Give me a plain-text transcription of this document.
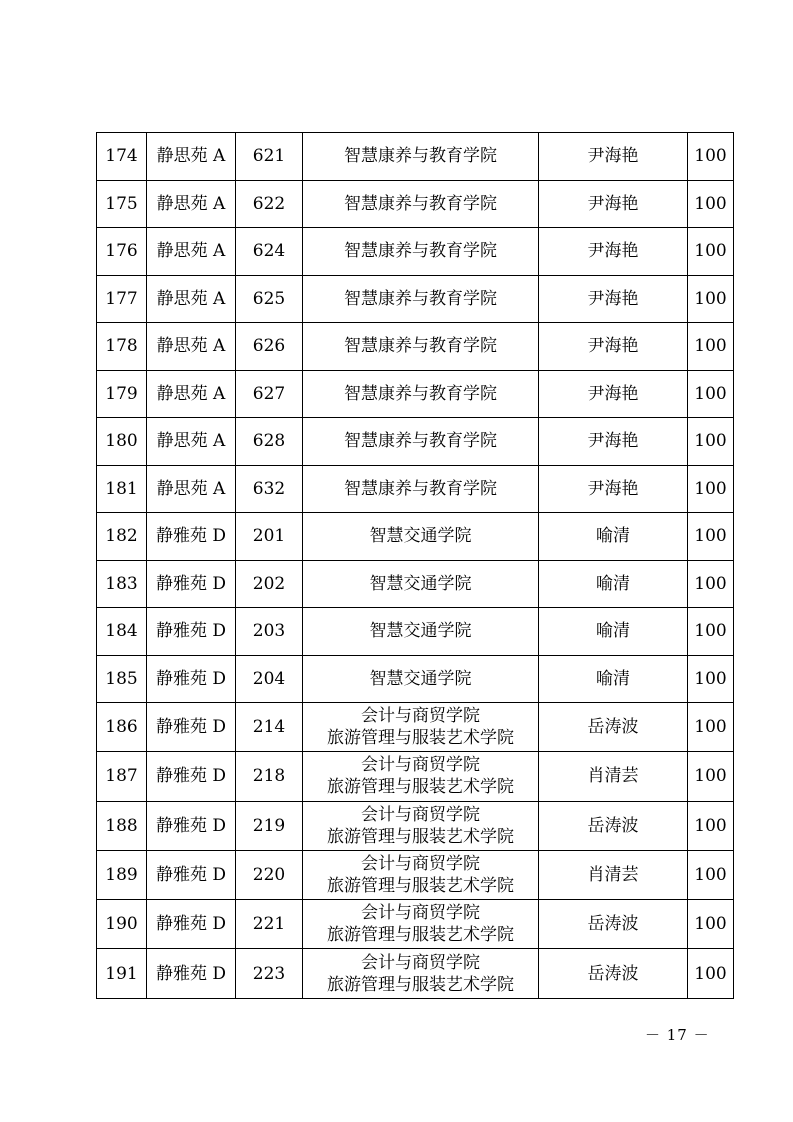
174	静思苑 A	621	智慧康养与教育学院	尹海艳	100
175	静思苑 A	622	智慧康养与教育学院	尹海艳	100
176	静思苑 A	624	智慧康养与教育学院	尹海艳	100
177	静思苑 A	625	智慧康养与教育学院	尹海艳	100
178	静思苑 A	626	智慧康养与教育学院	尹海艳	100
179	静思苑 A	627	智慧康养与教育学院	尹海艳	100
180	静思苑 A	628	智慧康养与教育学院	尹海艳	100
181	静思苑 A	632	智慧康养与教育学院	尹海艳	100
182	静雅苑 D	201	智慧交通学院	喻清	100
183	静雅苑 D	202	智慧交通学院	喻清	100
184	静雅苑 D	203	智慧交通学院	喻清	100
185	静雅苑 D	204	智慧交通学院	喻清	100
186	静雅苑 D	214	会计与商贸学院
旅游管理与服装艺术学院	岳涛波	100
187	静雅苑 D	218	会计与商贸学院
旅游管理与服装艺术学院	肖清芸	100
188	静雅苑 D	219	会计与商贸学院
旅游管理与服装艺术学院	岳涛波	100
189	静雅苑 D	220	会计与商贸学院
旅游管理与服装艺术学院	肖清芸	100
190	静雅苑 D	221	会计与商贸学院
旅游管理与服装艺术学院	岳涛波	100
191	静雅苑 D	223	会计与商贸学院
旅游管理与服装艺术学院	岳涛波	100
－ 17 －
